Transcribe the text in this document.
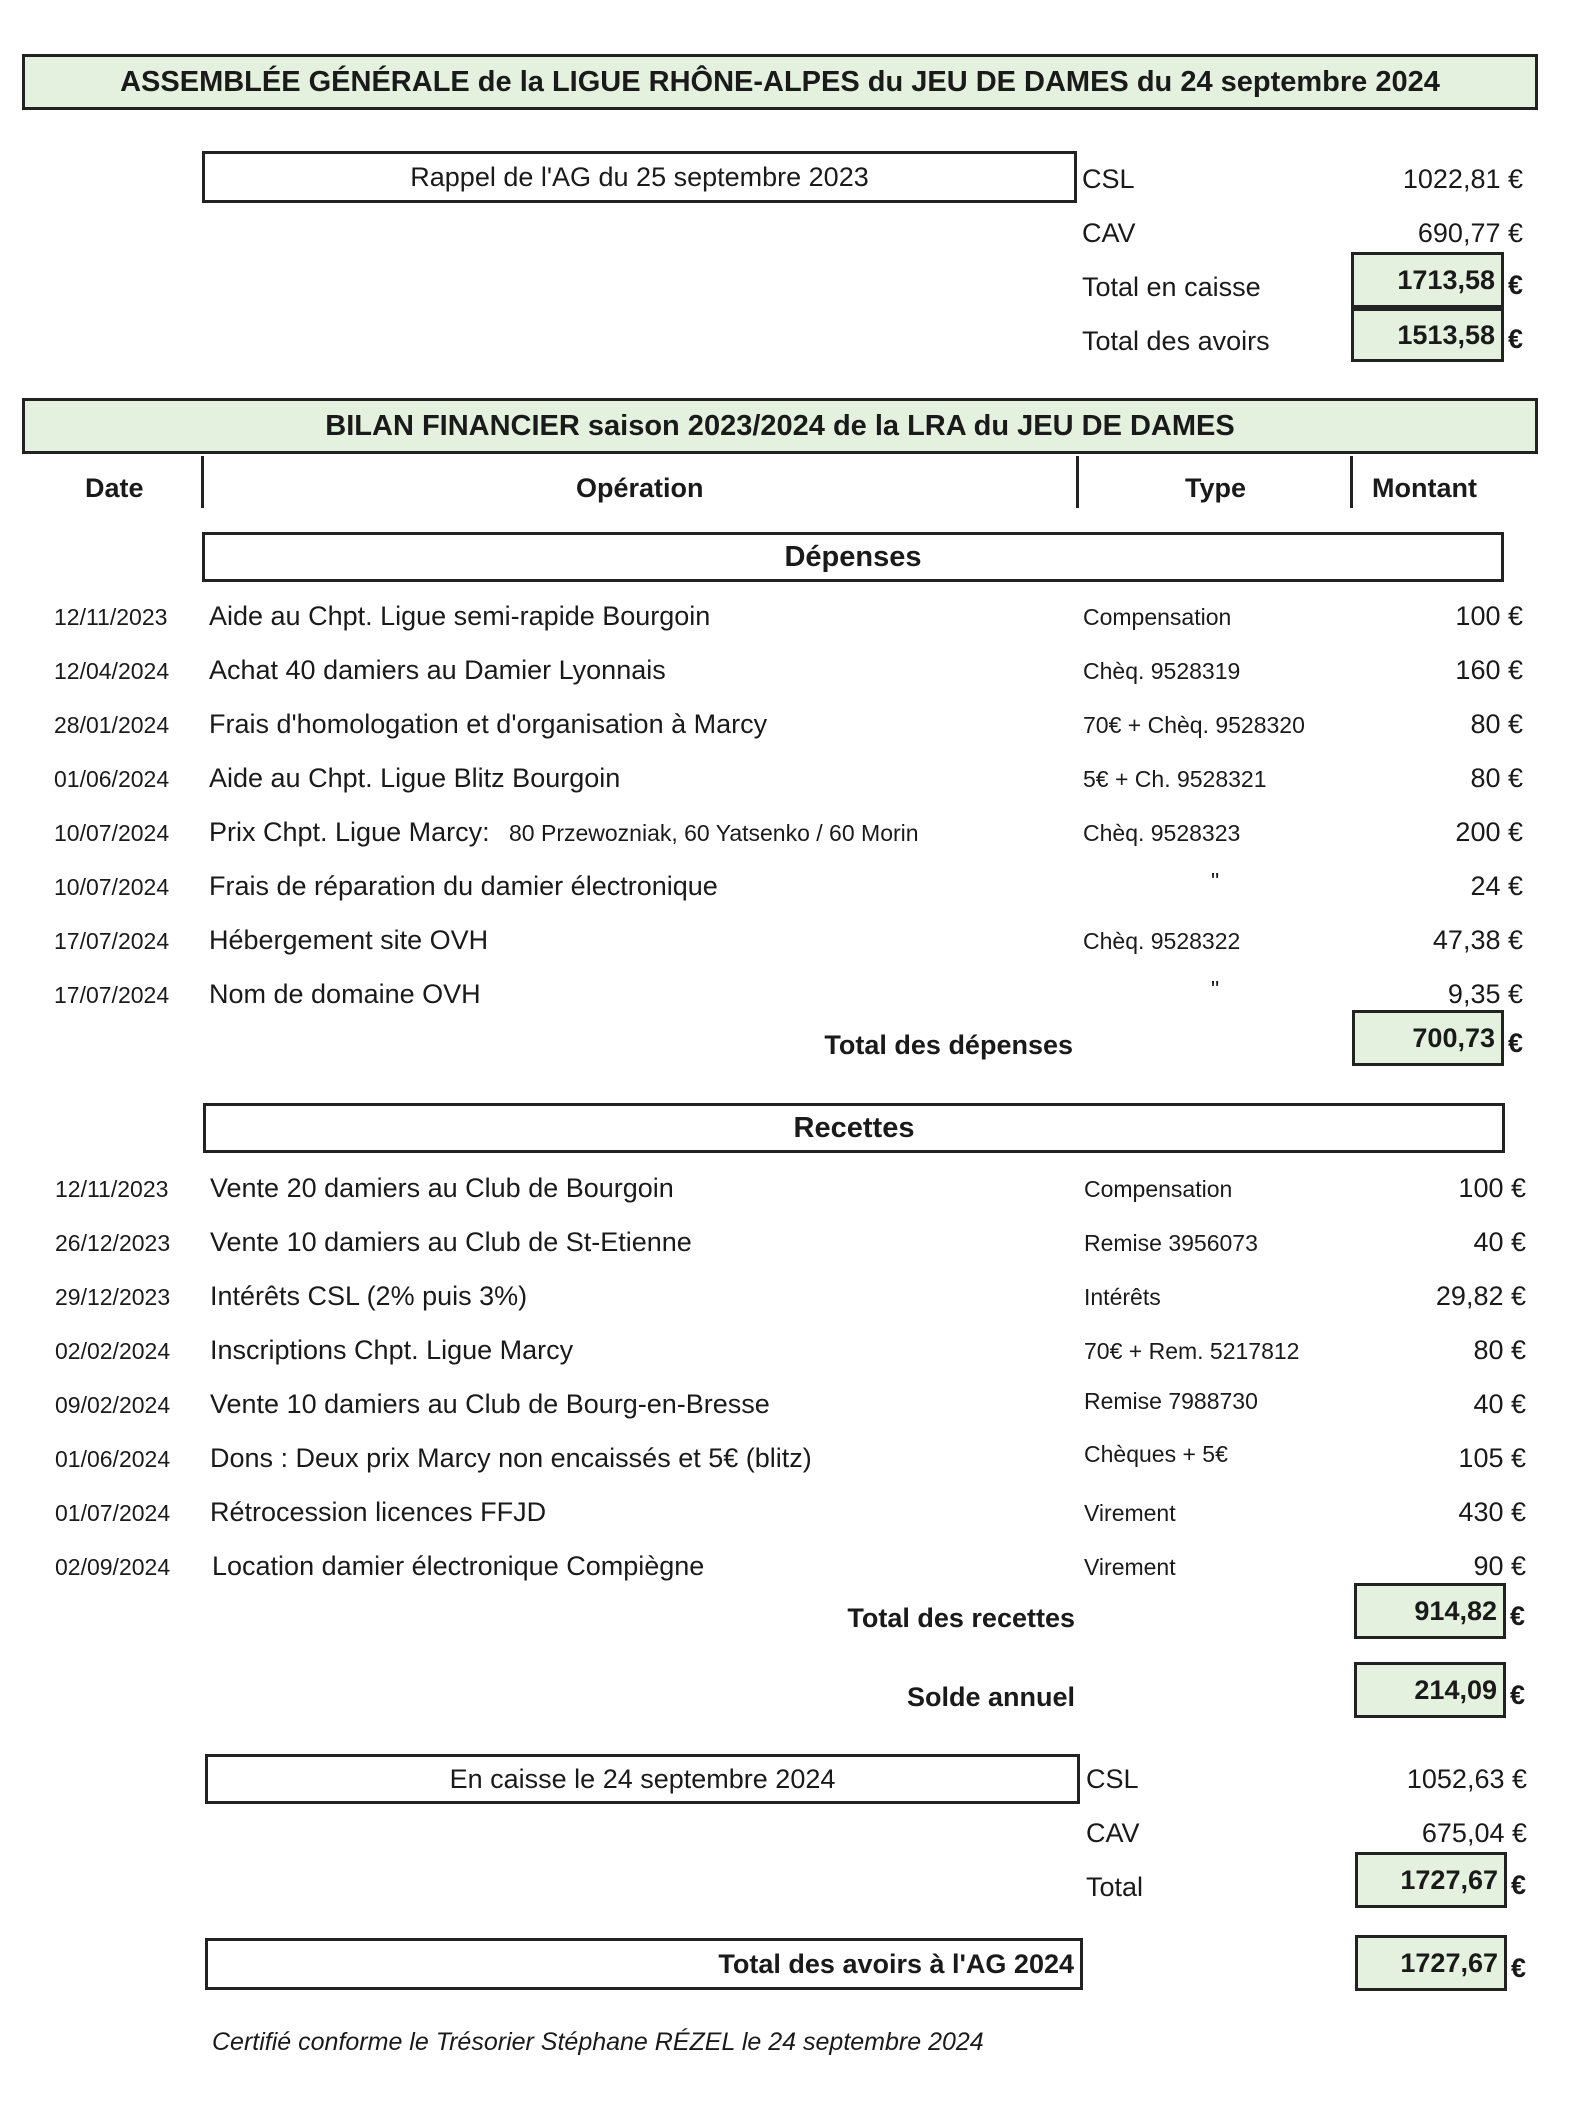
ASSEMBLÉE GÉNÉRALE de la LIGUE RHÔNE-ALPES du JEU DE DAMES du 24 septembre 2024
Rappel de l'AG du 25 septembre 2023	CSL	1022,81 €
CAV	690,77 €
Total en caisse	1713,58 €
Total des avoirs	1513,58 €
BILAN FINANCIER saison 2023/2024 de la LRA du JEU DE DAMES
Date	Opération	Type	Montant
Dépenses
12/11/2023 Aide au Chpt. Ligue semi-rapide Bourgoin	Compensation	100 €
12/04/2024 Achat 40 damiers au Damier Lyonnais	Chèq. 9528319	160 €
28/01/2024 Frais d'homologation et d'organisation à Marcy	70€ + Chèq. 9528320	80 €
01/06/2024 Aide au Chpt. Ligue Blitz Bourgoin	5€ + Ch. 9528321	80 €
10/07/2024 Prix Chpt. Ligue Marcy: 80 Przewozniak, 60 Yatsenko / 60 Morin	Chèq. 9528323	200 €
10/07/2024 Frais de réparation du damier électronique	"	24 €
17/07/2024 Hébergement site OVH	Chèq. 9528322	47,38 €
17/07/2024 Nom de domaine OVH	"	9,35 €
Total des dépenses	700,73 €
Recettes
12/11/2023 Vente 20 damiers au Club de Bourgoin	Compensation	100 €
26/12/2023 Vente 10 damiers au Club de St-Etienne	Remise 3956073	40 €
29/12/2023 Intérêts CSL (2% puis 3%)	Intérêts	29,82 €
02/02/2024 Inscriptions Chpt. Ligue Marcy	70€ + Rem. 5217812	80 €
09/02/2024 Vente 10 damiers au Club de Bourg-en-Bresse	Remise 7988730	40 €
01/06/2024 Dons : Deux prix Marcy non encaissés et 5€ (blitz)	Chèques + 5€	105 €
01/07/2024 Rétrocession licences FFJD	Virement	430 €
02/09/2024 Location damier électronique Compiègne	Virement	90 €
Total des recettes	914,82 €
Solde annuel	214,09 €
En caisse le 24 septembre 2024	CSL	1052,63 €
CAV	675,04 €
Total	1727,67 €
Total des avoirs à l'AG 2024	1727,67 €
Certifié conforme le Trésorier Stéphane RÉZEL le 24 septembre 2024
